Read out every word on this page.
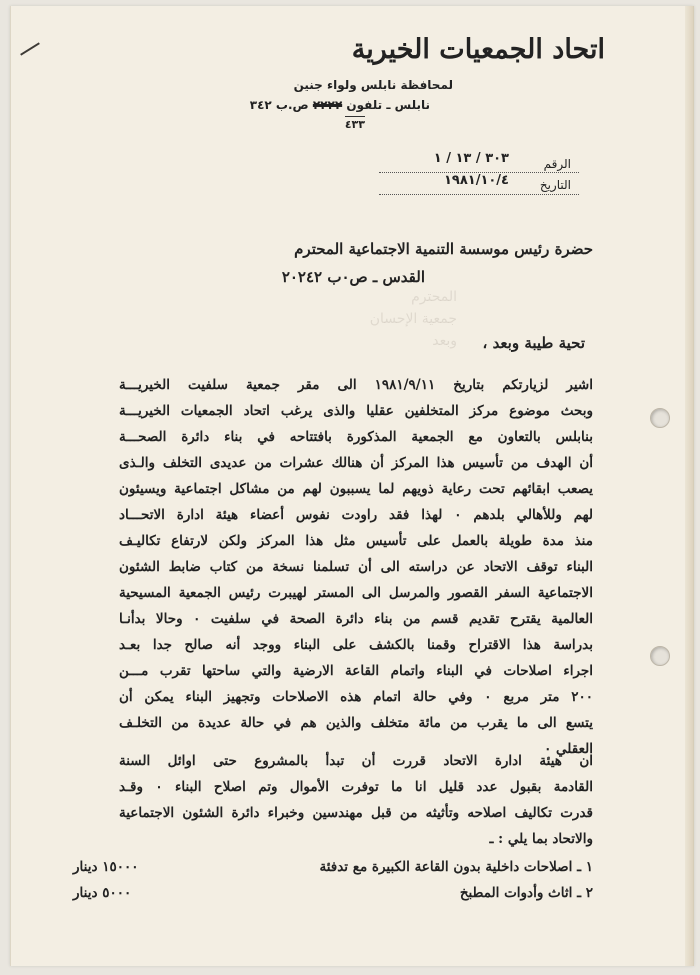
اتحاد الجمعيات الخيرية
لمحافظة نابلس ولواء جنين
نابلس ـ تلفون ٢٢٢٢ ص.ب ٣٤٢
٤٣٣
الرقم
٣٠٣ / ١٣ / ١
التاريخ
١٩٨١/١٠/٤
حضرة رئيس موسسة التنمية الاجتماعية المحترم
القدس ـ ص٠ب ٢٠٢٤٢
المحترم
جمعية الإحسان
وبعد تحية طيبة وبعد ،
اشير لزيارتكم بتاريخ ١٩٨١/٩/١١ الى مقر جمعية سلفيت الخيريـــة
وبحث موضوع مركز المتخلفين عقليا والذى يرغب اتحاد الجمعيات الخيريـــة
بنابلس بالتعاون مع الجمعية المذكورة بافتتاحه في بناء دائرة الصحـــة
أن الهدف من تأسيس هذا المركز أن هنالك عشرات من عديدى التخلف والـذى
يصعب ابقائهم تحت رعاية ذويهم لما يسببون لهم من مشاكل اجتماعية ويسيئون
لهم وللأهالي بلدهم ٠ لهذا فقد راودت نفوس أعضاء هيئة ادارة الاتحـــاد
منذ مدة طويلة بالعمل على تأسيس مثل هذا المركز ولكن لارتفاع تكاليـف
البناء توقف الاتحاد عن دراسته الى أن تسلمنا نسخة من كتاب ضابط الشئون
الاجتماعية السفر القصور والمرسل الى المستر لهيبرت رئيس الجمعية المسيحية
العالمية يقترح تقديم قسم من بناء دائرة الصحة في سلفيت ٠ وحالا بدأنـا
بدراسة هذا الاقتراح وقمنا بالكشف على البناء ووجد أنه صالح جدا بعـد
اجراء اصلاحات في البناء واتمام القاعة الارضية والتي ساحتها تقرب مـــن
٢٠٠ متر مربع ٠ وفي حالة اتمام هذه الاصلاحات وتجهيز البناء يمكن أن
يتسع الى ما يقرب من مائة متخلف والذين هم في حالة عديدة من التخلـف
العقلي ٠
ان هيئة ادارة الاتحاد قررت أن تبدأ بالمشروع حتى اوائل السنة
القادمة بقبول عدد قليل انا ما توفرت الأموال وتم اصلاح البناء ٠ وقـد
قدرت تكاليف اصلاحه وتأثيثه من قبل مهندسين وخبراء دائرة الشئون الاجتماعية
والاتحاد بما يلي : ـ
١ ـ اصلاحات داخلية بدون القاعة الكبيرة مع تدفئة
١٥٠٠٠ دينار
٢ ـ اثاث وأدوات المطبخ
٥٠٠٠ دينار
